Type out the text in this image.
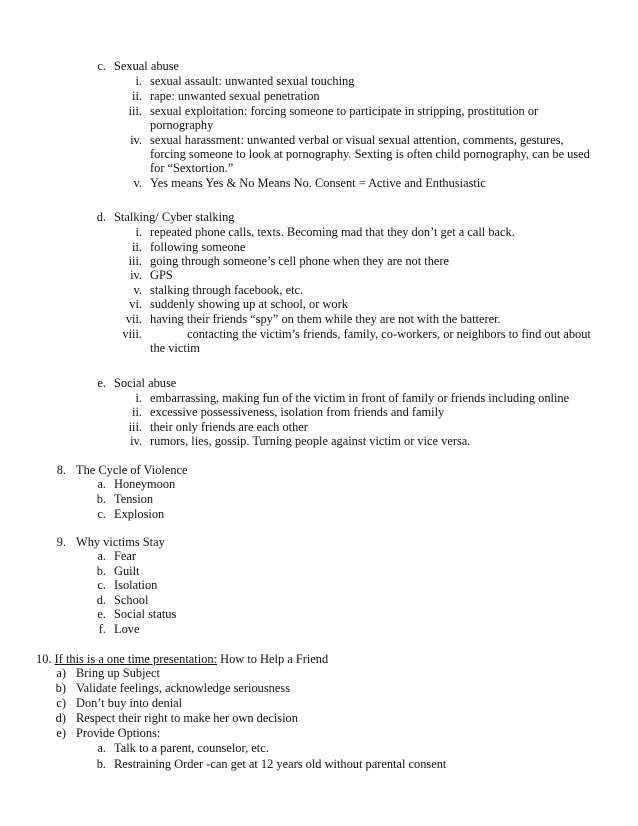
c. Sexual abuse
i. sexual assault: unwanted sexual touching
ii. rape: unwanted sexual penetration
iii. sexual exploitation: forcing someone to participate in stripping, prostitution or
pornography
iv. sexual harassment: unwanted verbal or visual sexual attention, comments, gestures,
forcing someone to look at pornography. Sexting is often child pornography, can be used
for “Sextortion.”
v. Yes means Yes & No Means No. Consent = Active and Enthusiastic
d. Stalking/ Cyber stalking
i. repeated phone calls, texts. Becoming mad that they don’t get a call back.
ii. following someone
iii. going through someone’s cell phone when they are not there
iv. GPS
v. stalking through facebook, etc.
vi. suddenly showing up at school, or work
vii. having their friends “spy” on them while they are not with the batterer.
viii.	contacting the victim’s friends, family, co-workers, or neighbors to find out about
the victim
e. Social abuse
i. embarrassing, making fun of the victim in front of family or friends including online
ii. excessive possessiveness, isolation from friends and family
iii. their only friends are each other
iv. rumors, lies, gossip. Turning people against victim or vice versa.
8. The Cycle of Violence
a. Honeymoon
b. Tension
c. Explosion
9. Why victims Stay
a. Fear
b. Guilt
c. Isolation
d. School
e. Social status
f. Love
10. If this is a one time presentation: How to Help a Friend
a) Bring up Subject
b) Validate feelings, acknowledge seriousness
c) Don’t buy into denial
d) Respect their right to make her own decision
e) Provide Options:
a. Talk to a parent, counselor, etc.
b. Restraining Order -can get at 12 years old without parental consent
